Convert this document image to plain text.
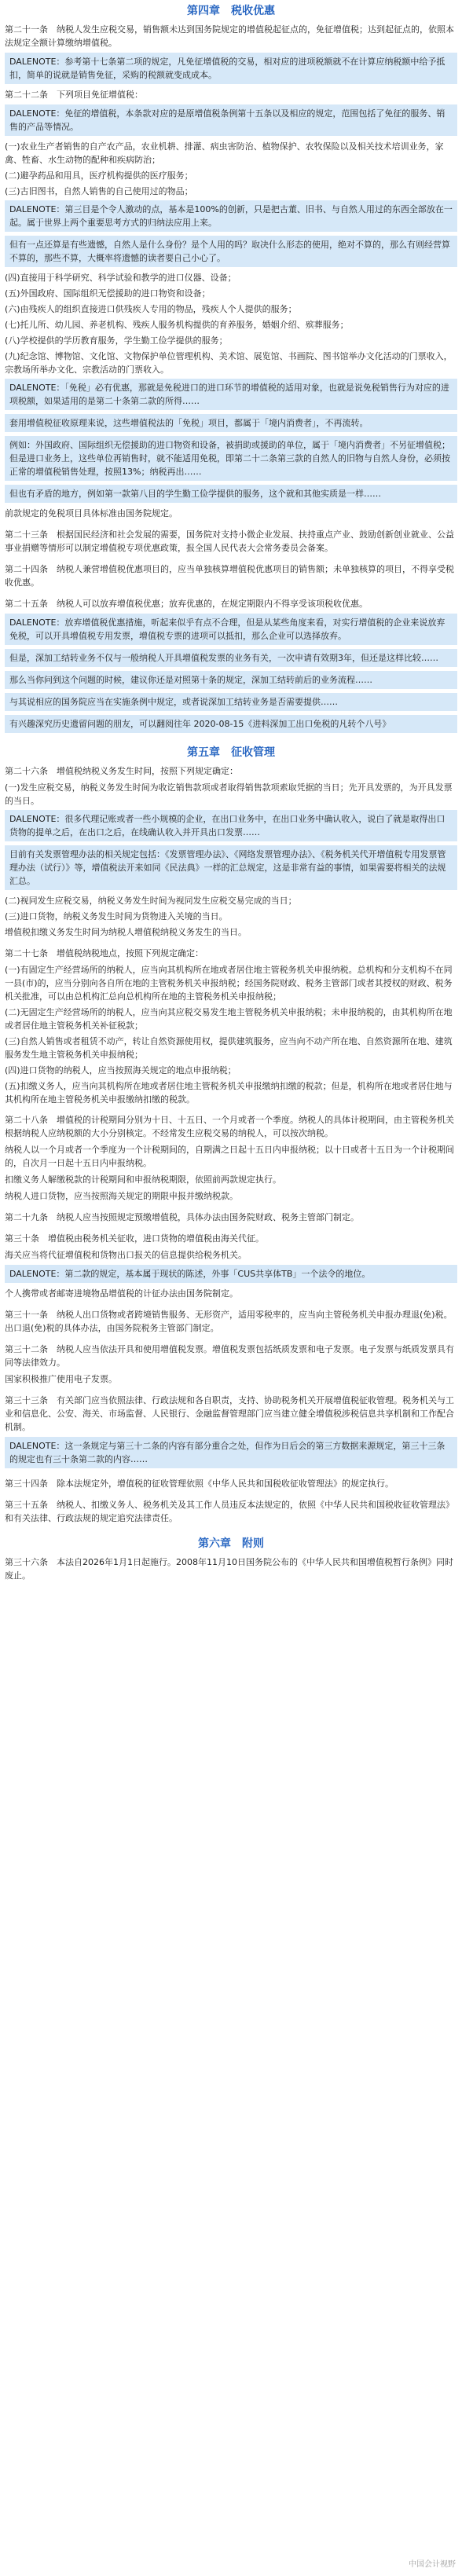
第四章　税收优惠

第二十一条　纳税人发生应税交易，销售额未达到国务院规定的增值税起征点的，免征增值税；达到起征点的，依照本法规定全额计算缴纳增值税。

DALENOTE：参考第十七条第二项的规定，凡免征增值税的交易，相对应的进项税额就不在计算应纳税额中给予抵扣，简单的说就是销售免征，采购的税额就变成成本。

第二十二条　下列项目免征增值税：

DALENOTE：免征的增值税，本条款对应的是原增值税条例第十五条以及相应的规定，范围包括了免征的服务、销售的产品等情况。

(一)农业生产者销售的自产农产品，农业机耕、排灌、病虫害防治、植物保护、农牧保险以及相关技术培训业务，家禽、牲畜、水生动物的配种和疾病防治；

(二)避孕药品和用具，医疗机构提供的医疗服务；

(三)古旧图书，自然人销售的自己使用过的物品；

DALENOTE：第三目是个令人激动的点，基本是100%的创新，只是把古董、旧书、与自然人用过的东西全部放在一起。属于世界上两个重要思考方式的归纳法应用上来。
但有一点还算是有些遗憾，自然人是什么身份？是个人用的吗？取决什么形态的使用，绝对不算的，那么有则经营算不算的，那些不算，大概率将遗憾的读者要自己小心了。

(四)直接用于科学研究、科学试验和教学的进口仪器、设备；

(五)外国政府、国际组织无偿援助的进口物资和设备；

(六)由残疾人的组织直接进口供残疾人专用的物品，残疾人个人提供的服务；

(七)托儿所、幼儿园、养老机构、残疾人服务机构提供的育养服务，婚姻介绍、殡葬服务；

(八)学校提供的学历教育服务，学生勤工俭学提供的服务；

(九)纪念馆、博物馆、文化馆、文物保护单位管理机构、美术馆、展览馆、书画院、图书馆举办文化活动的门票收入，宗教场所举办文化、宗教活动的门票收入。

DALENOTE：「免税」必有优惠，那就是免税进口的进口环节的增值税的适用对象，也就是说免税销售行为对应的进项税额，如果适用的是第二十条第二款的所得……
套用增值税征收原理来说，这些增值税法的「免税」项目，都属于「境内消费者」，不再流转。
例如：外国政府、国际组织无偿援助的进口物资和设备，被捐助或援助的单位，属于「境内消费者」不另征增值税；但是进口业务上，这些单位再销售时，就不能适用免税，即第二十二条第三款的自然人的旧物与自然人身份，必须按正常的增值税销售处理，按照13%；纳税再出……
但也有矛盾的地方，例如第一款第八目的学生勤工俭学提供的服务，这个就和其他实质是一样……

前款规定的免税项目具体标准由国务院规定。

第二十三条　根据国民经济和社会发展的需要，国务院对支持小微企业发展、扶持重点产业、鼓励创新创业就业、公益事业捐赠等情形可以制定增值税专项优惠政策，报全国人民代表大会常务委员会备案。

第二十四条　纳税人兼营增值税优惠项目的，应当单独核算增值税优惠项目的销售额；未单独核算的项目，不得享受税收优惠。

第二十五条　纳税人可以放弃增值税优惠；放弃优惠的，在规定期限内不得享受该项税收优惠。

DALENOTE：放弃增值税优惠措施，听起来似乎有点不合理，但是从某些角度来看，对实行增值税的企业来说放弃免税，可以开具增值税专用发票，增值税专票的进项可以抵扣，那么企业可以选择放弃。
但是，深加工结转业务不仅与一般纳税人开具增值税发票的业务有关，一次申请有效期3年，但还是这样比较……
那么当你问到这个问题的时候，建议你还是对照第十条的规定，深加工结转前后的业务流程……
与其说相应的国务院应当在实施条例中规定，或者说深加工结转业务是否需要提供……
有兴趣深究历史遗留问题的朋友，可以翻阅往年 2020-08-15《进料深加工出口免税的凡转个八号》
第五章　征收管理

第二十六条　增值税纳税义务发生时间，按照下列规定确定：

(一)发生应税交易，纳税义务发生时间为收讫销售款项或者取得销售款项索取凭据的当日；先开具发票的，为开具发票的当日。

DALENOTE：很多代理记账或者一些小规模的企业，在出口业务中，在出口业务中确认收入，说白了就是取得出口货物的提单之后，在出口之后，在线确认收入并开具出口发票……
目前有关发票管理办法的相关规定包括：《发票管理办法》、《网络发票管理办法》、《税务机关代开增值税专用发票管理办法（试行）》等，增值税法开来如同《民法典》一样的汇总规定，这是非常有益的事情，如果需要将相关的法规汇总。

(二)视同发生应税交易，纳税义务发生时间为视同发生应税交易完成的当日；

(三)进口货物，纳税义务发生时间为货物进入关境的当日。

增值税扣缴义务发生时间为纳税人增值税纳税义务发生的当日。

第二十七条　增值税纳税地点，按照下列规定确定：

(一)有固定生产经营场所的纳税人，应当向其机构所在地或者居住地主管税务机关申报纳税。总机构和分支机构不在同一县(市)的，应当分别向各自所在地的主管税务机关申报纳税；经国务院财政、税务主管部门或者其授权的财政、税务机关批准，可以由总机构汇总向总机构所在地的主管税务机关申报纳税；

(二)无固定生产经营场所的纳税人，应当向其应税交易发生地主管税务机关申报纳税；未申报纳税的，由其机构所在地或者居住地主管税务机关补征税款；

(三)自然人销售或者租赁不动产，转让自然资源使用权，提供建筑服务，应当向不动产所在地、自然资源所在地、建筑服务发生地主管税务机关申报纳税；

(四)进口货物的纳税人，应当按照海关规定的地点申报纳税；

(五)扣缴义务人，应当向其机构所在地或者居住地主管税务机关申报缴纳扣缴的税款；但是，机构所在地或者居住地与其机构所在地主管税务机关申报缴纳扣缴的税款。

第二十八条　增值税的计税期间分别为十日、十五日、一个月或者一个季度。纳税人的具体计税期间，由主管税务机关根据纳税人应纳税额的大小分别核定。不经常发生应税交易的纳税人，可以按次纳税。

纳税人以一个月或者一个季度为一个计税期间的，自期满之日起十五日内申报纳税；以十日或者十五日为一个计税期间的，自次月一日起十五日内申报纳税。

扣缴义务人解缴税款的计税期间和申报纳税期限，依照前两款规定执行。

纳税人进口货物，应当按照海关规定的期限申报并缴纳税款。

第二十九条　纳税人应当按照规定预缴增值税，具体办法由国务院财政、税务主管部门制定。

第三十条　增值税由税务机关征收，进口货物的增值税由海关代征。

海关应当将代征增值税和货物出口报关的信息提供给税务机关。

DALENOTE：第二款的规定，基本属于现状的陈述，外事「CUS共享体TB」一个法令的地位。

个人携带或者邮寄进境物品增值税的计征办法由国务院制定。

第三十一条　纳税人出口货物或者跨境销售服务、无形资产，适用零税率的，应当向主管税务机关申报办理退(免)税。出口退(免)税的具体办法，由国务院税务主管部门制定。

第三十二条　纳税人应当依法开具和使用增值税发票。增值税发票包括纸质发票和电子发票。电子发票与纸质发票具有同等法律效力。

国家积极推广使用电子发票。

第三十三条　有关部门应当依照法律、行政法规和各自职责，支持、协助税务机关开展增值税征收管理。税务机关与工业和信息化、公安、海关、市场监督、人民银行、金融监督管理部门应当建立健全增值税涉税信息共享机制和工作配合机制。

DALENOTE：这一条规定与第三十二条的内容有部分重合之处，但作为日后会的第三方数据来源规定，第三十三条的规定也有三十条第二款的内容……

第三十四条　除本法规定外，增值税的征收管理依照《中华人民共和国税收征收管理法》的规定执行。

第三十五条　纳税人、扣缴义务人、税务机关及其工作人员违反本法规定的，依照《中华人民共和国税收征收管理法》和有关法律、行政法规的规定追究法律责任。

第六章　附则

第三十六条　本法自2026年1月1日起施行。2008年11月10日国务院公布的《中华人民共和国增值税暂行条例》同时废止。

中国会计视野
